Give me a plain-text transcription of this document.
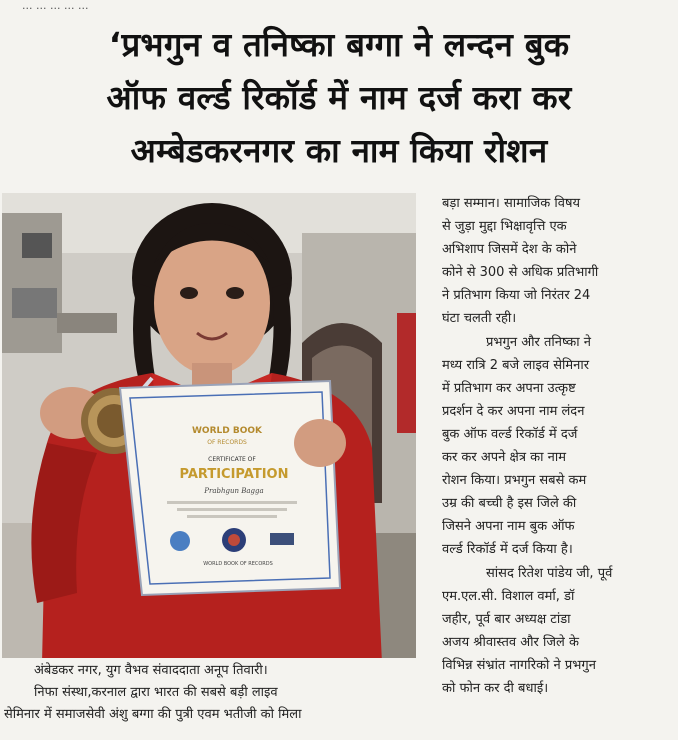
... ... ... ... ...
‘प्रभगुन व तनिष्का बग्गा ने लन्दन बुक
ऑफ वर्ल्ड रिकॉर्ड में नाम दर्ज करा कर
अम्बेडकरनगर का नाम किया रोशन
WORLD BOOK
OF RECORDS
CERTIFICATE OF
PARTICIPATION
Prabhgun Bagga
WORLD BOOK OF RECORDS

अंबेडकर नगर, युग वैभव संवाददाता अनूप तिवारी।

निफा संस्था,करनाल द्वारा भारत की सबसे बड़ी लाइव

सेमिनार में समाजसेवी अंशु बग्गा की पुत्री एवम भतीजी को मिला

बड़ा सम्मान। सामाजिक विषय

से जुड़ा मुद्दा भिक्षावृत्ति एक

अभिशाप जिसमें देश के कोने

कोने से 300 से अधिक प्रतिभागी

ने प्रतिभाग किया जो निरंतर 24

घंटा चलती रही।

प्रभगुन और तनिष्का ने

मध्य रात्रि 2 बजे लाइव सेमिनार

में प्रतिभाग कर अपना उत्कृष्ट

प्रदर्शन दे कर अपना नाम लंदन

बुक ऑफ वर्ल्ड रिकॉर्ड में दर्ज

कर कर अपने क्षेत्र का नाम

रोशन किया। प्रभगुन सबसे कम

उम्र की बच्ची है इस जिले की

जिसने अपना नाम बुक ऑफ

वर्ल्ड रिकॉर्ड में दर्ज किया है।

सांसद रितेश पांडेय जी, पूर्व

एम.एल.सी. विशाल वर्मा, डॉ

जहीर, पूर्व बार अध्यक्ष टांडा

अजय श्रीवास्तव और जिले के

विभिन्न संभ्रांत नागरिको ने प्रभगुन

को फोन कर दी बधाई।
